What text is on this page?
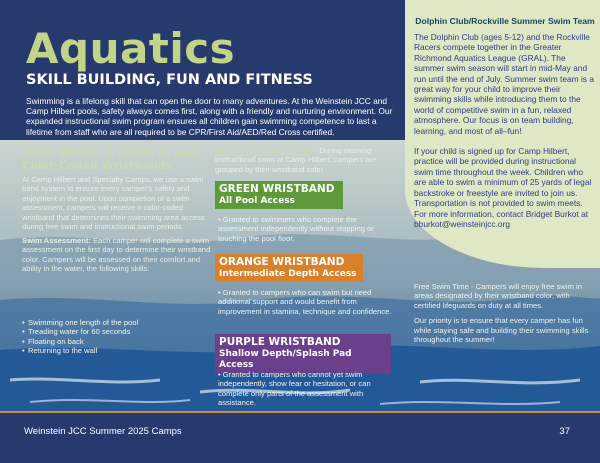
Aquatics
SKILL BUILDING, FUN AND FITNESS
Swimming is a lifelong skill that can open the door to many adventures. At the Weinstein JCC and Camp Hilbert pools, safety always comes first, along with a friendly and nurturing environment. Our expanded instructional swim program ensures all children gain swimming competence to last a lifetime from staff who are all required to be CPR/First Aid/AED/Red Cross certified.
Dolphin Club/Rockville Summer Swim Team

The Dolphin Club (ages 5-12) and the Rockville Racers compete together in the Greater Richmond Aquatics League (GRAL). The summer swim season will start in mid-May and run until the end of July. Summer swim team is a great way for your child to improve their swimming skills while introducing them to the world of competitive swim in a fun, relaxed atmosphere. Our focus is on team building, learning, and most of all–fun!

If your child is signed up for Camp Hilbert, practice will be provided during instructional swim time throughout the week. Children who are able to swim a minimum of 25 yards of legal backstroke or freestyle are invited to join us. Transportation is not provided to swim meets. For more information, contact Bridget Burkot at bburkot@weinsteinjcc.org

Swim Bands: A Guide to our Color-Coded Wristbands
At Camp Hilbert and Specialty Camps, we use a swim band system to ensure every camper's safety and enjoyment in the pool. Upon completion of a swim assessment, campers will receive a color-coded wristband that determines their swimming area access during free swim and instructional swim periods.
Swim Assessment: Each camper will complete a swim assessment on the first day to determine their wristband color. Campers will be assessed on their comfort and ability in the water, the following skills:
• Swimming one length of the pool
• Treading water for 60 seconds
• Floating on back
• Returning to the wall
Instructional Swim Periods - During morning instructional swim at Camp Hilbert, campers are grouped by their wristband color.
GREEN WRISTBAND
All Pool Access
• Granted to swimmers who complete the assessment independently without stopping or touching the pool floor.
ORANGE WRISTBAND
Intermediate Depth Access
• Granted to campers who can swim but need additional support and would benefit from improvement in stamina, technique and confidence.
PURPLE WRISTBAND
Shallow Depth/Splash Pad Access
• Granted to campers who cannot yet swim independently, show fear or hesitation, or can complete only parts of the assessment with assistance.

Free Swim Time - Campers will enjoy free swim in areas designated by their wristband color, with certified lifeguards on duty at all times.

Our priority is to ensure that every camper has fun while staying safe and building their swimming skills throughout the summer!

Weinstein JCC Summer 2025 Camps	37
